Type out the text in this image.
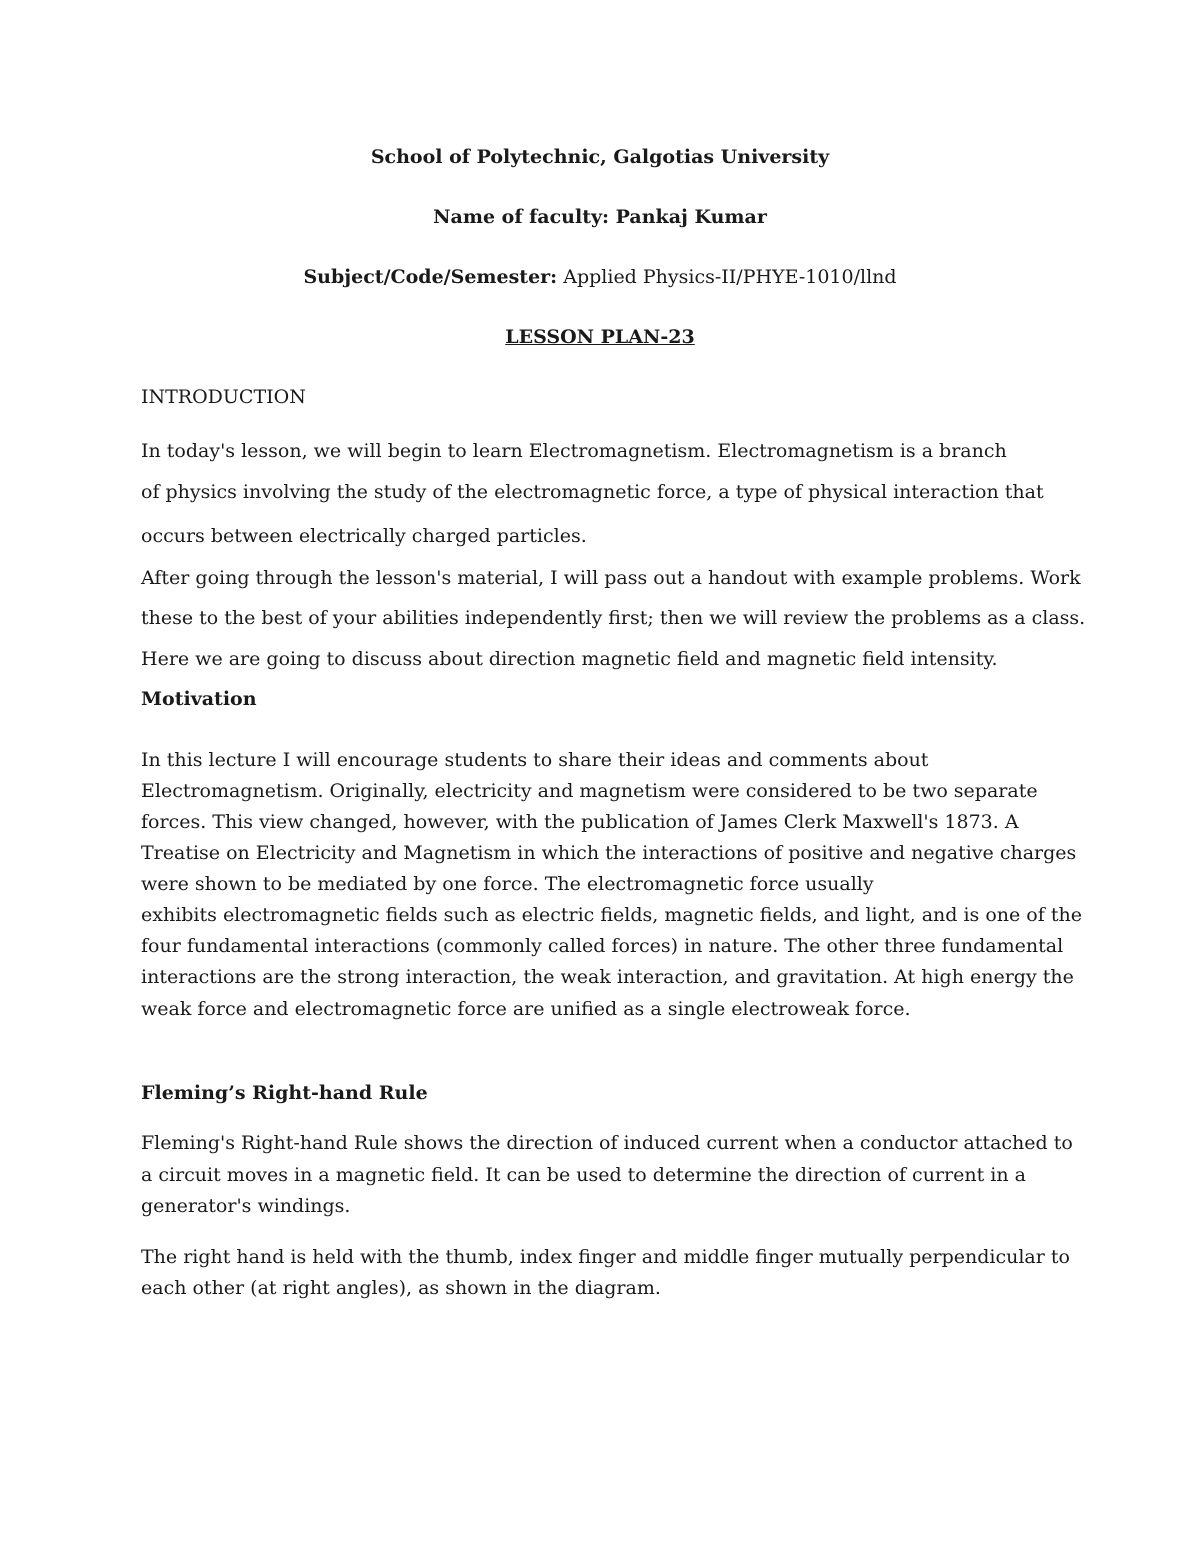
School of Polytechnic, Galgotias University
Name of faculty: Pankaj Kumar
Subject/Code/Semester: Applied Physics-II/PHYE-1010/llnd
LESSON PLAN-23
INTRODUCTION
In today's lesson, we will begin to learn Electromagnetism. Electromagnetism is a branch
of physics involving the study of the electromagnetic force, a type of physical interaction that
occurs between electrically charged particles.
After going through the lesson's material, I will pass out a handout with example problems. Work
these to the best of your abilities independently first; then we will review the problems as a class.
Here we are going to discuss about direction magnetic field and magnetic field intensity.
Motivation
In this lecture I will encourage students to share their ideas and comments about
Electromagnetism. Originally, electricity and magnetism were considered to be two separate
forces. This view changed, however, with the publication of James Clerk Maxwell's 1873. A
Treatise on Electricity and Magnetism in which the interactions of positive and negative charges
were shown to be mediated by one force. The electromagnetic force usually
exhibits electromagnetic fields such as electric fields, magnetic fields, and light, and is one of the
four fundamental interactions (commonly called forces) in nature. The other three fundamental
interactions are the strong interaction, the weak interaction, and gravitation. At high energy the
weak force and electromagnetic force are unified as a single electroweak force.
Fleming’s Right-hand Rule
Fleming's Right-hand Rule shows the direction of induced current when a conductor attached to
a circuit moves in a magnetic field. It can be used to determine the direction of current in a
generator's windings.
The right hand is held with the thumb, index finger and middle finger mutually perpendicular to
each other (at right angles), as shown in the diagram.
